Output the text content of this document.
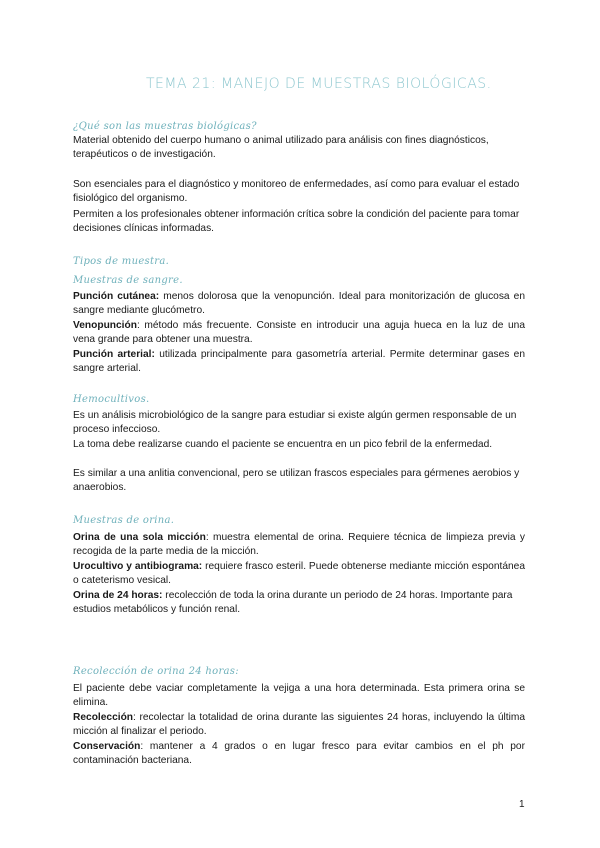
TEMA 21: MANEJO DE MUESTRAS BIOLÓGICAS.
¿Qué son las muestras biológicas?

Material obtenido del cuerpo humano o animal utilizado para análisis con fines diagnósticos, terapéuticos o de investigación.

Son esenciales para el diagnóstico y monitoreo de enfermedades, así como para evaluar el estado fisiológico del organismo.

Permiten a los profesionales obtener información crítica sobre la condición del paciente para tomar decisiones clínicas informadas.

Tipos de muestra.
Muestras de sangre.

Punción cutánea: menos dolorosa que la venopunción. Ideal para monitorización de glucosa en sangre mediante glucómetro.

Venopunción: método más frecuente. Consiste en introducir una aguja hueca en la luz de una vena grande para obtener una muestra.

Punción arterial: utilizada principalmente para gasometría arterial. Permite determinar gases en sangre arterial.

Hemocultivos.

Es un análisis microbiológico de la sangre para estudiar si existe algún germen responsable de un proceso infeccioso.

La toma debe realizarse cuando el paciente se encuentra en un pico febril de la enfermedad.

Es similar a una anlitia convencional, pero se utilizan frascos especiales para gérmenes aerobios y anaerobios.

Muestras de orina.

Orina de una sola micción: muestra elemental de orina. Requiere técnica de limpieza previa y recogida de la parte media de la micción.

Urocultivo y antibiograma: requiere frasco esteril. Puede obtenerse mediante micción espontánea o cateterismo vesical.

Orina de 24 horas: recolección de toda la orina durante un periodo de 24 horas. Importante para estudios metabólicos y función renal.

Recolección de orina 24 horas:

El paciente debe vaciar completamente la vejiga a una hora determinada. Esta primera orina se elimina.

Recolección: recolectar la totalidad de orina durante las siguientes 24 horas, incluyendo la última micción al finalizar el periodo.

Conservación: mantener a 4 grados o en lugar fresco para evitar cambios en el ph por contaminación bacteriana.

1
